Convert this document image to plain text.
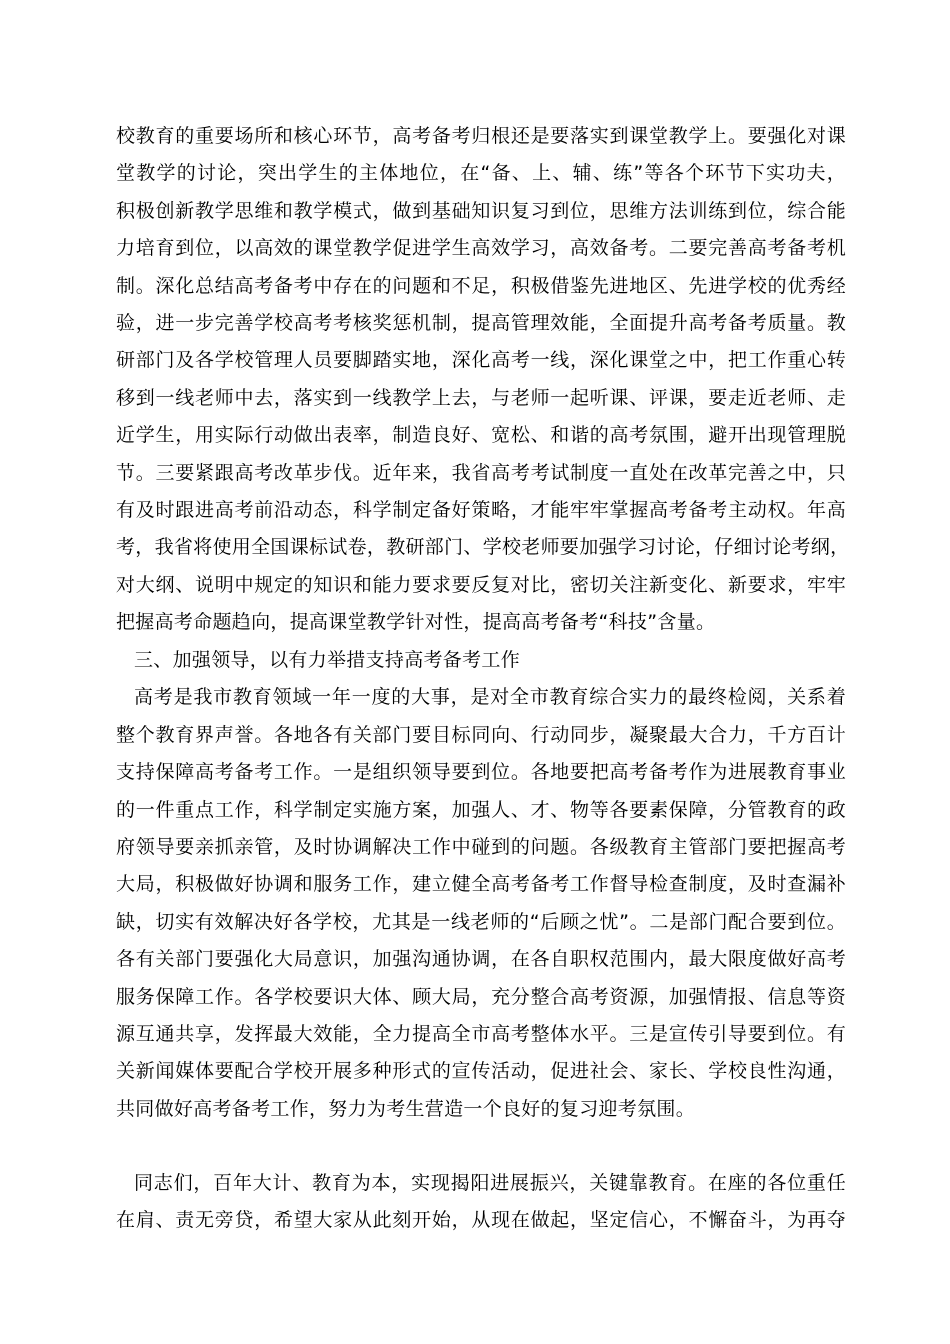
校教育的重要场所和核心环节，高考备考归根还是要落实到课堂教学上。要强化对课
堂教学的讨论，突出学生的主体地位，在“备、上、辅、练”等各个环节下实功夫，
积极创新教学思维和教学模式，做到基础知识复习到位，思维方法训练到位，综合能
力培育到位，以高效的课堂教学促进学生高效学习，高效备考。二要完善高考备考机
制。深化总结高考备考中存在的问题和不足，积极借鉴先进地区、先进学校的优秀经
验，进一步完善学校高考考核奖惩机制，提高管理效能，全面提升高考备考质量。教
研部门及各学校管理人员要脚踏实地，深化高考一线，深化课堂之中，把工作重心转
移到一线老师中去，落实到一线教学上去，与老师一起听课、评课，要走近老师、走
近学生，用实际行动做出表率，制造良好、宽松、和谐的高考氛围，避开出现管理脱
节。三要紧跟高考改革步伐。近年来，我省高考考试制度一直处在改革完善之中，只
有及时跟进高考前沿动态，科学制定备好策略，才能牢牢掌握高考备考主动权。年高
考，我省将使用全国课标试卷，教研部门、学校老师要加强学习讨论，仔细讨论考纲，
对大纲、说明中规定的知识和能力要求要反复对比，密切关注新变化、新要求，牢牢
把握高考命题趋向，提高课堂教学针对性，提高高考备考“科技”含量。
三、加强领导，以有力举措支持高考备考工作
高考是我市教育领域一年一度的大事，是对全市教育综合实力的最终检阅，关系着
整个教育界声誉。各地各有关部门要目标同向、行动同步，凝聚最大合力，千方百计
支持保障高考备考工作。一是组织领导要到位。各地要把高考备考作为进展教育事业
的一件重点工作，科学制定实施方案，加强人、才、物等各要素保障，分管教育的政
府领导要亲抓亲管，及时协调解决工作中碰到的问题。各级教育主管部门要把握高考
大局，积极做好协调和服务工作，建立健全高考备考工作督导检查制度，及时查漏补
缺，切实有效解决好各学校，尤其是一线老师的“后顾之忧”。二是部门配合要到位。
各有关部门要强化大局意识，加强沟通协调，在各自职权范围内，最大限度做好高考
服务保障工作。各学校要识大体、顾大局，充分整合高考资源，加强情报、信息等资
源互通共享，发挥最大效能，全力提高全市高考整体水平。三是宣传引导要到位。有
关新闻媒体要配合学校开展多种形式的宣传活动，促进社会、家长、学校良性沟通，
共同做好高考备考工作，努力为考生营造一个良好的复习迎考氛围。
同志们，百年大计、教育为本，实现揭阳进展振兴，关键靠教育。在座的各位重任
在肩、责无旁贷，希望大家从此刻开始，从现在做起，坚定信心，不懈奋斗，为再夺
